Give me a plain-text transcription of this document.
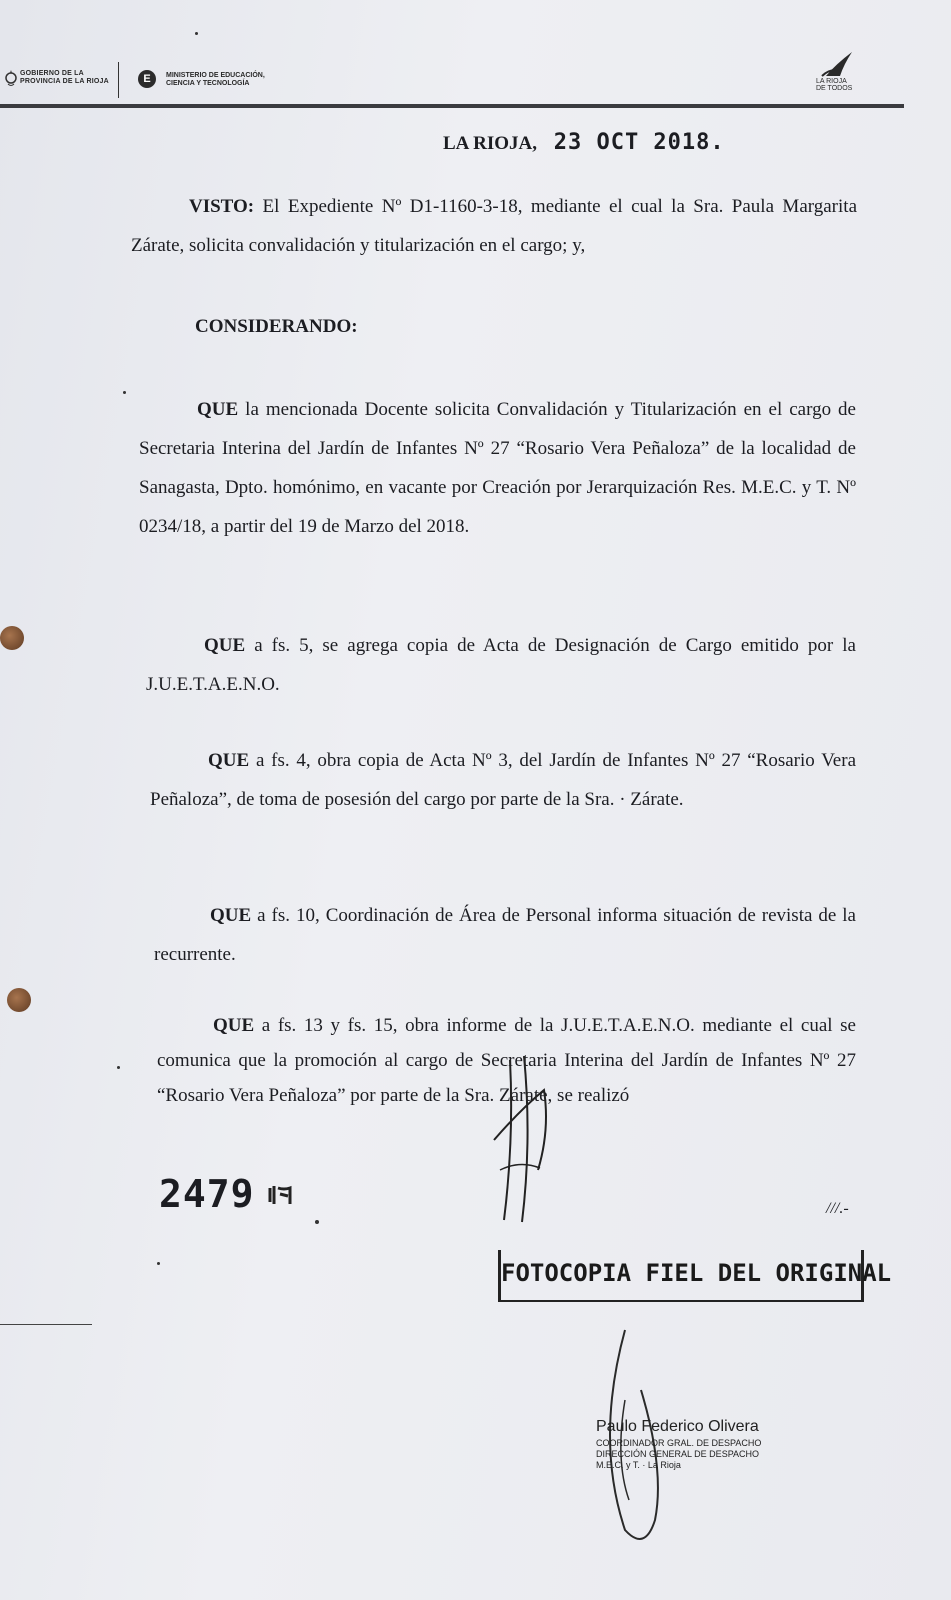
GOBIERNO DE LA
PROVINCIA DE LA RIOJA	E	MINISTERIO DE EDUCACIÓN,
CIENCIA Y TECNOLOGÍA	LA RIOJA
DE TODOS
LA RIOJA, 23 OCT 2018.
VISTO: El Expediente Nº D1-1160-3-18, mediante el cual la Sra. Paula Margarita Zárate, solicita convalidación y titularización en el cargo; y,
CONSIDERANDO:
QUE la mencionada Docente solicita Convalidación y Titularización en el cargo de Secretaria Interina del Jardín de Infantes Nº 27 “Rosario Vera Peñaloza” de la localidad de Sanagasta, Dpto. homónimo, en vacante por Creación por Jerarquización Res. M.E.C. y T. Nº 0234/18, a partir del 19 de Marzo del 2018.
QUE a fs. 5, se agrega copia de Acta de Designación de Cargo emitido por la J.U.E.T.A.E.N.O.
QUE a fs. 4, obra copia de Acta Nº 3, del Jardín de Infantes Nº 27 “Rosario Vera Peñaloza”, de toma de posesión del cargo por parte de la Sra. · Zárate.
QUE a fs. 10, Coordinación de Área de Personal informa situación de revista de la recurrente.
QUE a fs. 13 y fs. 15, obra informe de la J.U.E.T.A.E.N.O. mediante el cual se comunica que la promoción al cargo de Secretaria Interina del Jardín de Infantes Nº 27 “Rosario Vera Peñaloza” por parte de la Sra. Zárate, se realizó
2479	///.-
FOTOCOPIA FIEL DEL ORIGINAL
Paulo Federico Olivera
COORDINADOR GRAL. DE DESPACHO
DIRECCIÓN GENERAL DE DESPACHO
M.E.C. y T. · La Rioja
